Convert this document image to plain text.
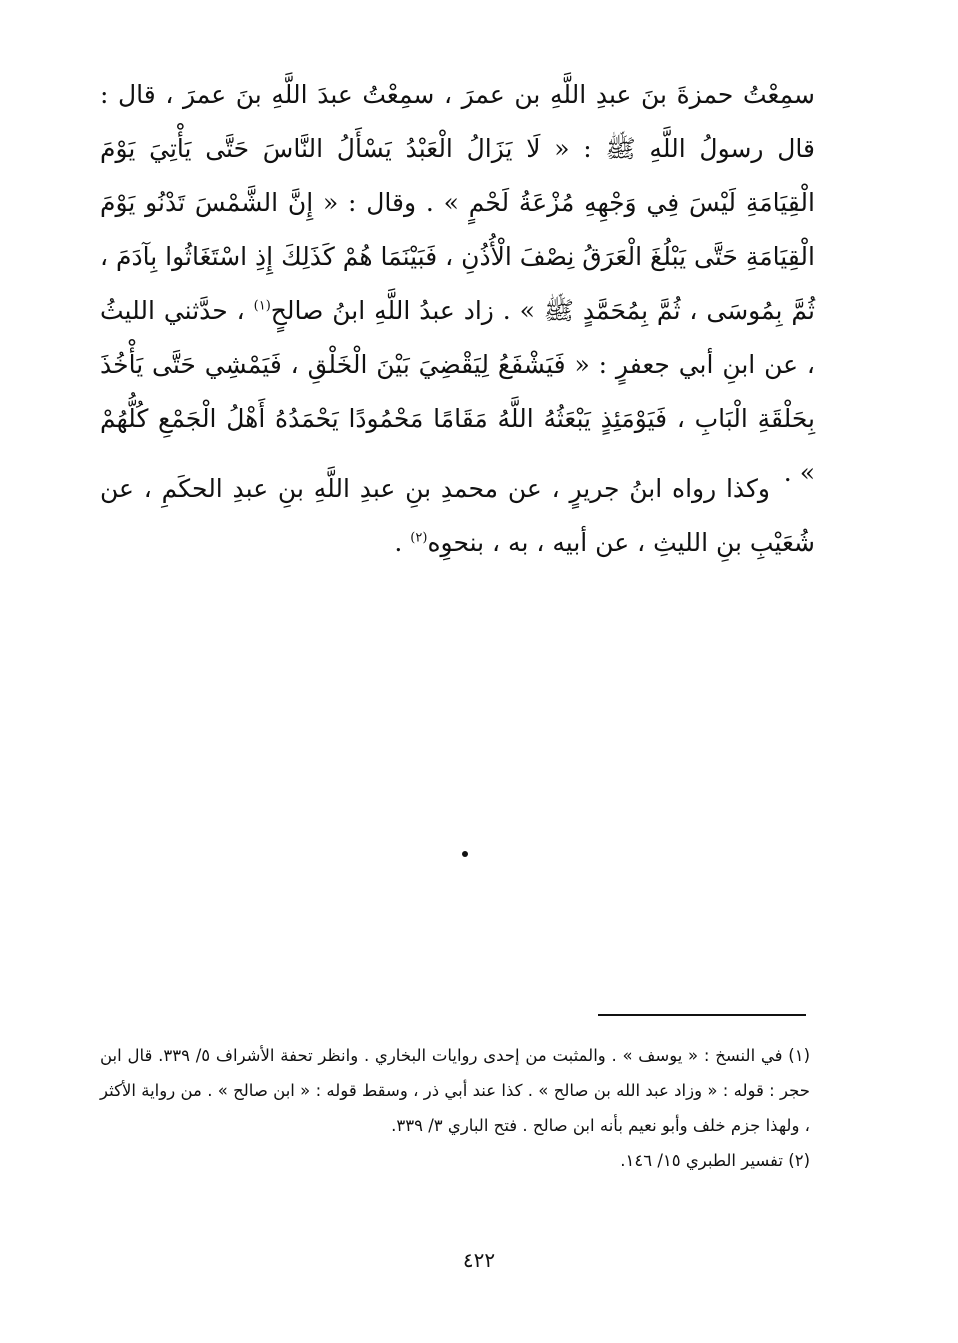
سمِعْتُ حمزةَ بنَ عبدِ اللَّهِ بن عمرَ ، سمِعْتُ عبدَ اللَّهِ بنَ عمرَ ، قال : قال رسولُ اللَّهِ ﷺ : « لَا يَزَالُ الْعَبْدُ يَسْأَلُ النَّاسَ حَتَّى يَأْتِيَ يَوْمَ الْقِيَامَةِ لَيْسَ فِي وَجْهِهِ مُزْعَةُ لَحْمٍ » . وقال : « إِنَّ الشَّمْسَ تَدْنُو يَوْمَ الْقِيَامَةِ حَتَّى يَبْلُغَ الْعَرَقُ نِصْفَ الْأُذُنِ ، فَبَيْنَمَا هُمْ كَذَلِكَ إِذِ اسْتَغَاثُوا بِآدَمَ ، ثُمَّ بِمُوسَى ، ثُمَّ بِمُحَمَّدٍ ﷺ » . زاد عبدُ اللَّهِ ابنُ صالحٍ$^{(١)}$ ، حدَّثني الليثُ ، عن ابنِ أبي جعفرٍ : « فَيَشْفَعُ لِيَقْضِيَ بَيْنَ الْخَلْقِ ، فَيَمْشِي حَتَّى يَأْخُذَ بِحَلْقَةِ الْبَابِ ، فَيَوْمَئِذٍ يَبْعَثُهُ اللَّهُ مَقَامًا مَحْمُودًا يَحْمَدُهُ أَهْلُ الْجَمْعِ كُلُّهُمْ » .
وكذا رواه ابنُ جريرٍ ، عن محمدِ بنِ عبدِ اللَّهِ بنِ عبدِ الحكَمِ ، عن شُعَيْبِ بنِ الليثِ ، عن أبيه ، به ، بنحوِه$^{(٢)}$ .

(١) في النسخ : « يوسف » . والمثبت من إحدى روايات البخاري . وانظر تحفة الأشراف ٥/ ٣٣٩. قال ابن حجر : قوله : « وزاد عبد الله بن صالح » . كذا عند أبي ذر ، وسقط قوله : « ابن صالح » . من رواية الأكثر ، ولهذا جزم خلف وأبو نعيم بأنه ابن صالح . فتح الباري ٣/ ٣٣٩.

(٢) تفسير الطبري ١٥/ ١٤٦.

٤٢٢
